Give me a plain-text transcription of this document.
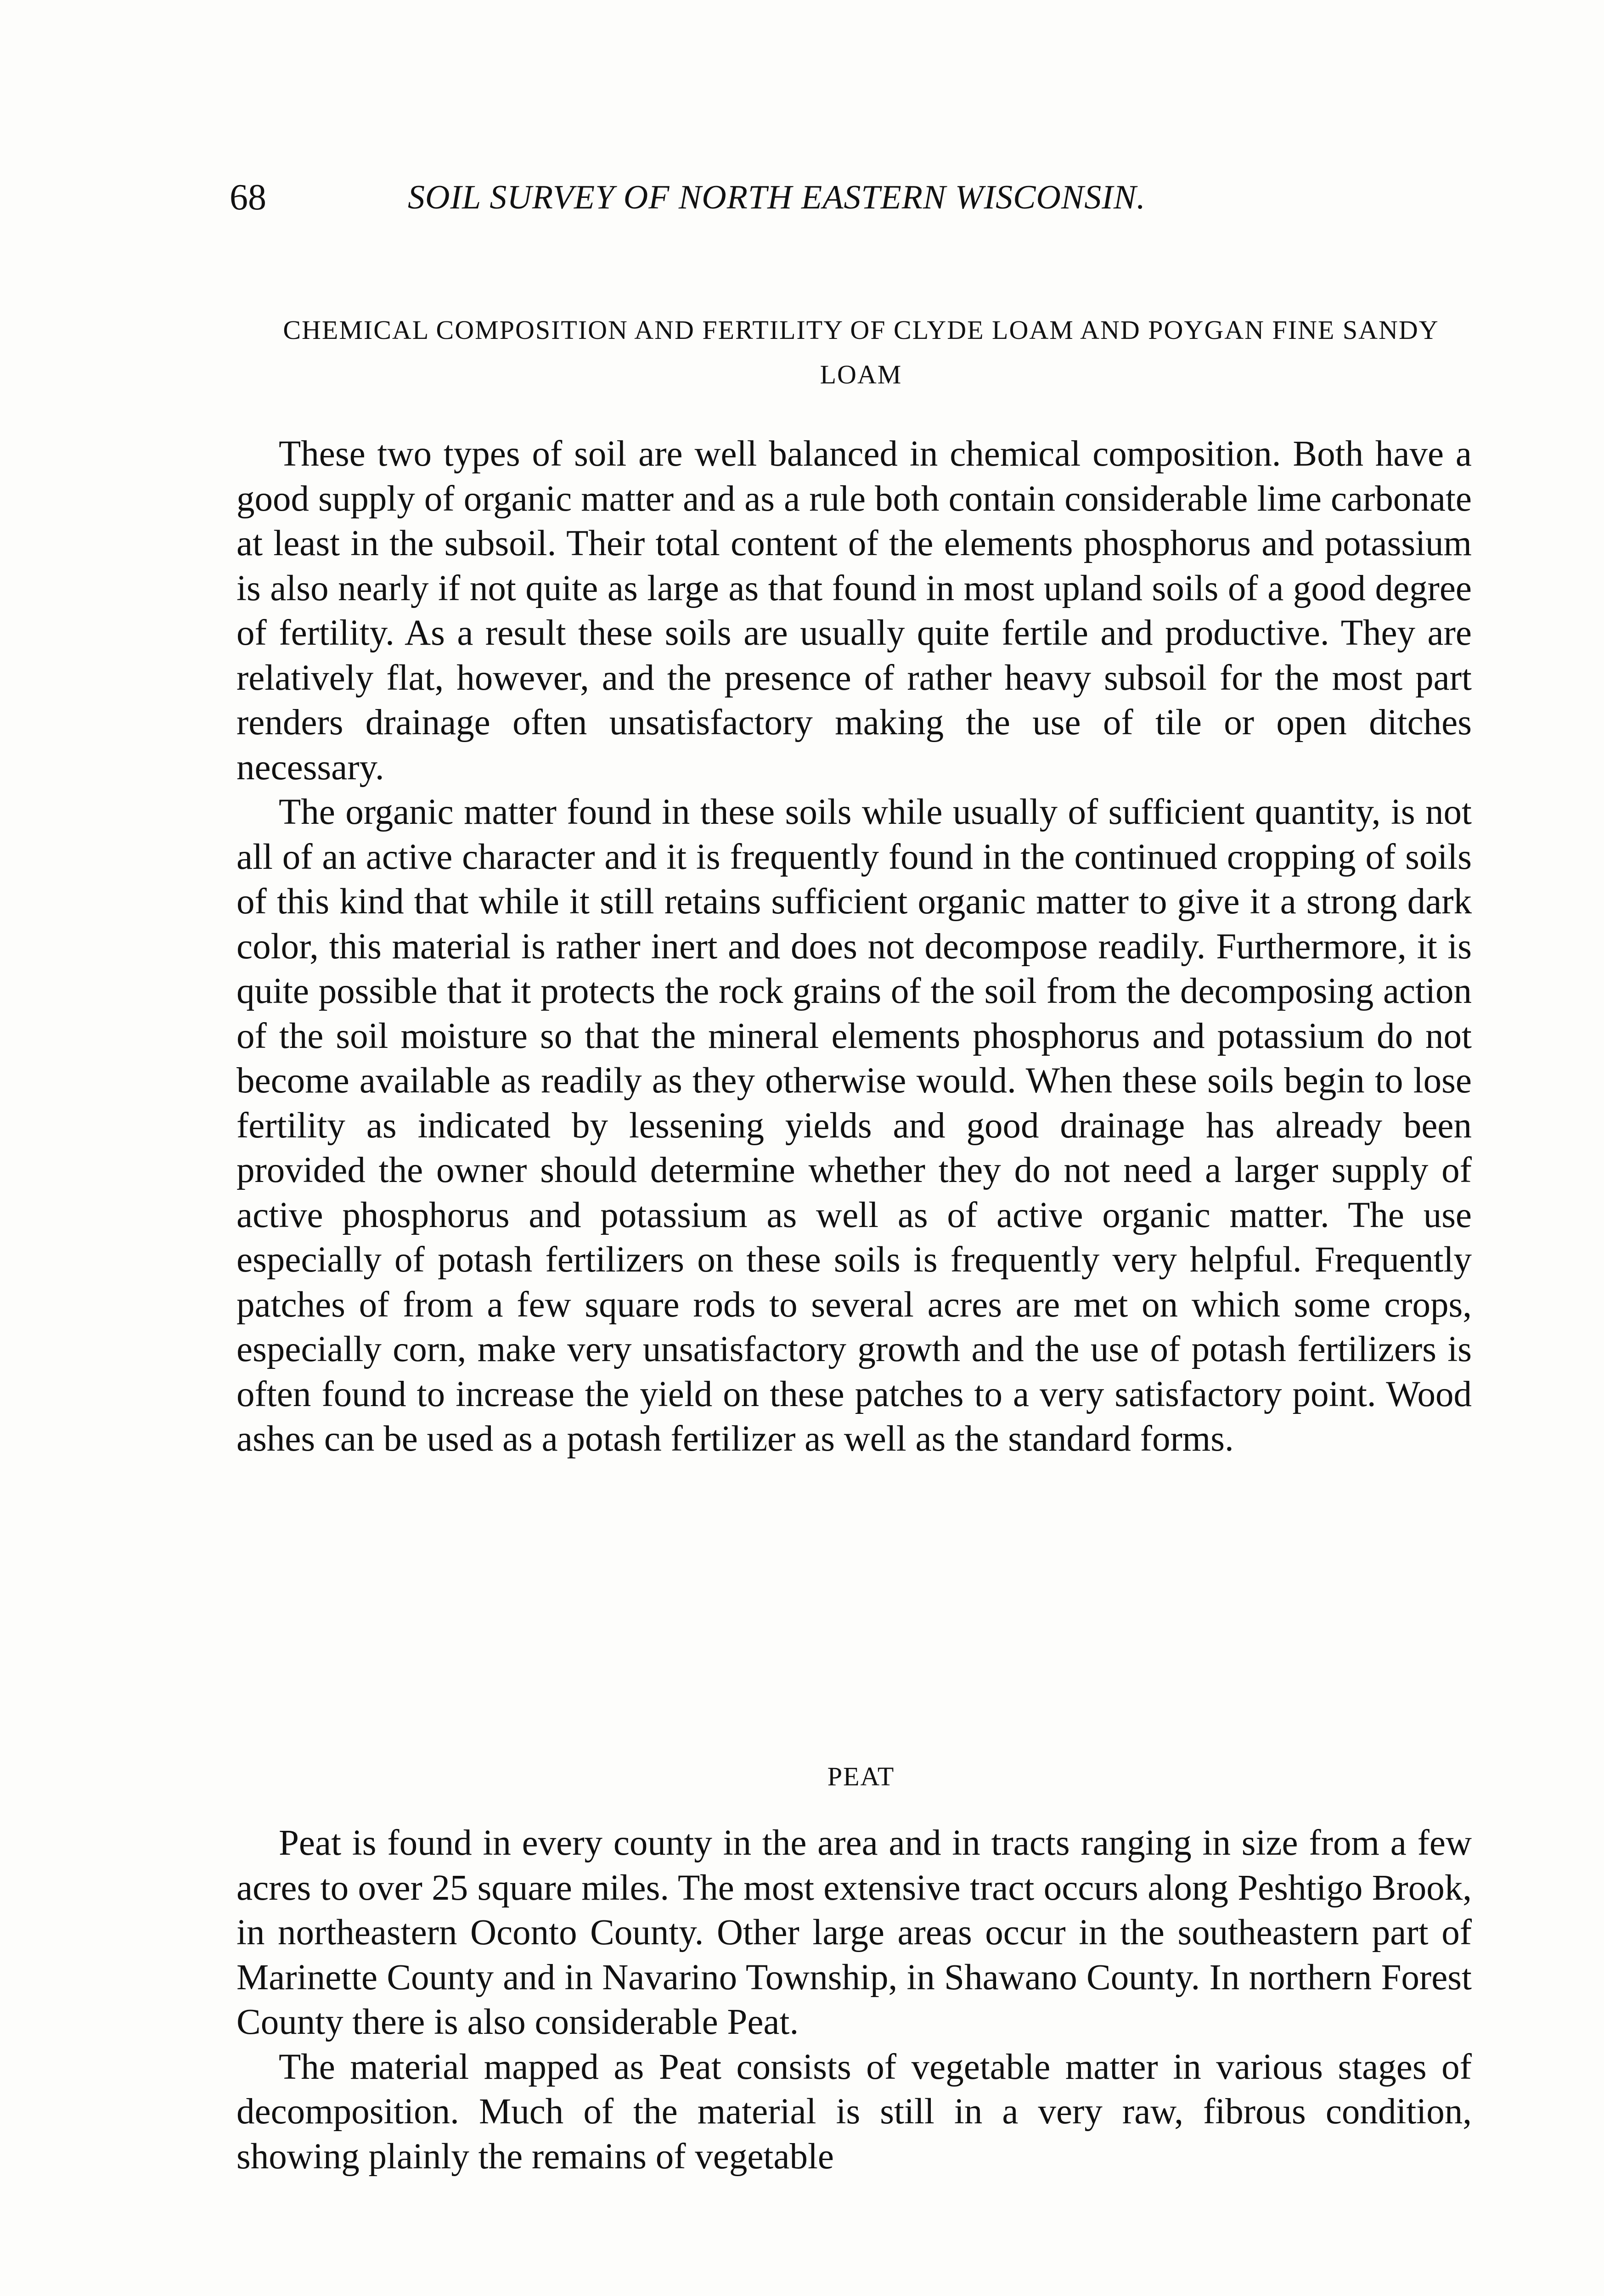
68	SOIL SURVEY OF NORTH EASTERN WISCONSIN.
CHEMICAL COMPOSITION AND FERTILITY OF CLYDE LOAM AND POYGAN FINE SANDY LOAM

These two types of soil are well balanced in chemical composition. Both have a good supply of organic matter and as a rule both contain considerable lime carbonate at least in the subsoil. Their total content of the elements phosphorus and potassium is also nearly if not quite as large as that found in most upland soils of a good degree of fertility. As a result these soils are usually quite fertile and productive. They are relatively flat, however, and the presence of rather heavy subsoil for the most part renders drainage often unsatisfactory making the use of tile or open ditches necessary.

The organic matter found in these soils while usually of sufficient quantity, is not all of an active character and it is frequently found in the continued cropping of soils of this kind that while it still retains sufficient organic matter to give it a strong dark color, this material is rather inert and does not decompose readily. Furthermore, it is quite possible that it protects the rock grains of the soil from the decomposing action of the soil moisture so that the mineral elements phosphorus and potassium do not become available as readily as they otherwise would. When these soils begin to lose fertility as indicated by lessening yields and good drainage has already been provided the owner should determine whether they do not need a larger supply of active phosphorus and potassium as well as of active organic matter. The use especially of potash fertilizers on these soils is frequently very helpful. Frequently patches of from a few square rods to several acres are met on which some crops, especially corn, make very unsatisfactory growth and the use of potash fertilizers is often found to increase the yield on these patches to a very satisfactory point. Wood ashes can be used as a potash fertilizer as well as the standard forms.

PEAT

Peat is found in every county in the area and in tracts ranging in size from a few acres to over 25 square miles. The most extensive tract occurs along Peshtigo Brook, in northeastern Oconto County. Other large areas occur in the southeastern part of Marinette County and in Navarino Township, in Shawano County. In northern Forest County there is also considerable Peat.

The material mapped as Peat consists of vegetable matter in various stages of decomposition. Much of the material is still in a very raw, fibrous condition, showing plainly the remains of vegetable
